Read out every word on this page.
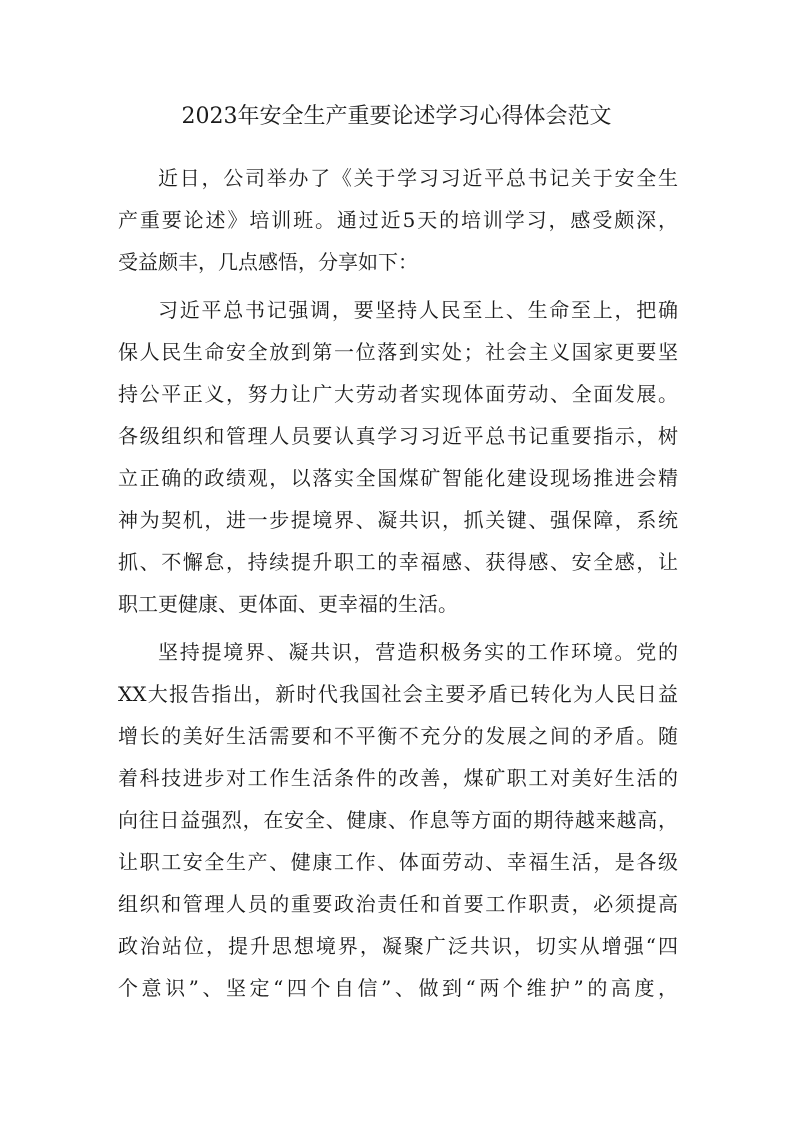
2023年安全生产重要论述学习心得体会范文
近日，公司举办了《关于学习习近平总书记关于安全生
产重要论述》培训班。通过近5天的培训学习，感受颇深，
受益颇丰，几点感悟，分享如下：
习近平总书记强调，要坚持人民至上、生命至上，把确
保人民生命安全放到第一位落到实处；社会主义国家更要坚
持公平正义，努力让广大劳动者实现体面劳动、全面发展。
各级组织和管理人员要认真学习习近平总书记重要指示，树
立正确的政绩观，以落实全国煤矿智能化建设现场推进会精
神为契机，进一步提境界、凝共识，抓关键、强保障，系统
抓、不懈怠，持续提升职工的幸福感、获得感、安全感，让
职工更健康、更体面、更幸福的生活。
坚持提境界、凝共识，营造积极务实的工作环境。党的
XX大报告指出，新时代我国社会主要矛盾已转化为人民日益
增长的美好生活需要和不平衡不充分的发展之间的矛盾。随
着科技进步对工作生活条件的改善，煤矿职工对美好生活的
向往日益强烈，在安全、健康、作息等方面的期待越来越高，
让职工安全生产、健康工作、体面劳动、幸福生活，是各级
组织和管理人员的重要政治责任和首要工作职责，必须提高
政治站位，提升思想境界，凝聚广泛共识，切实从增强“四
个意识”、坚定“四个自信”、做到“两个维护”的高度，
